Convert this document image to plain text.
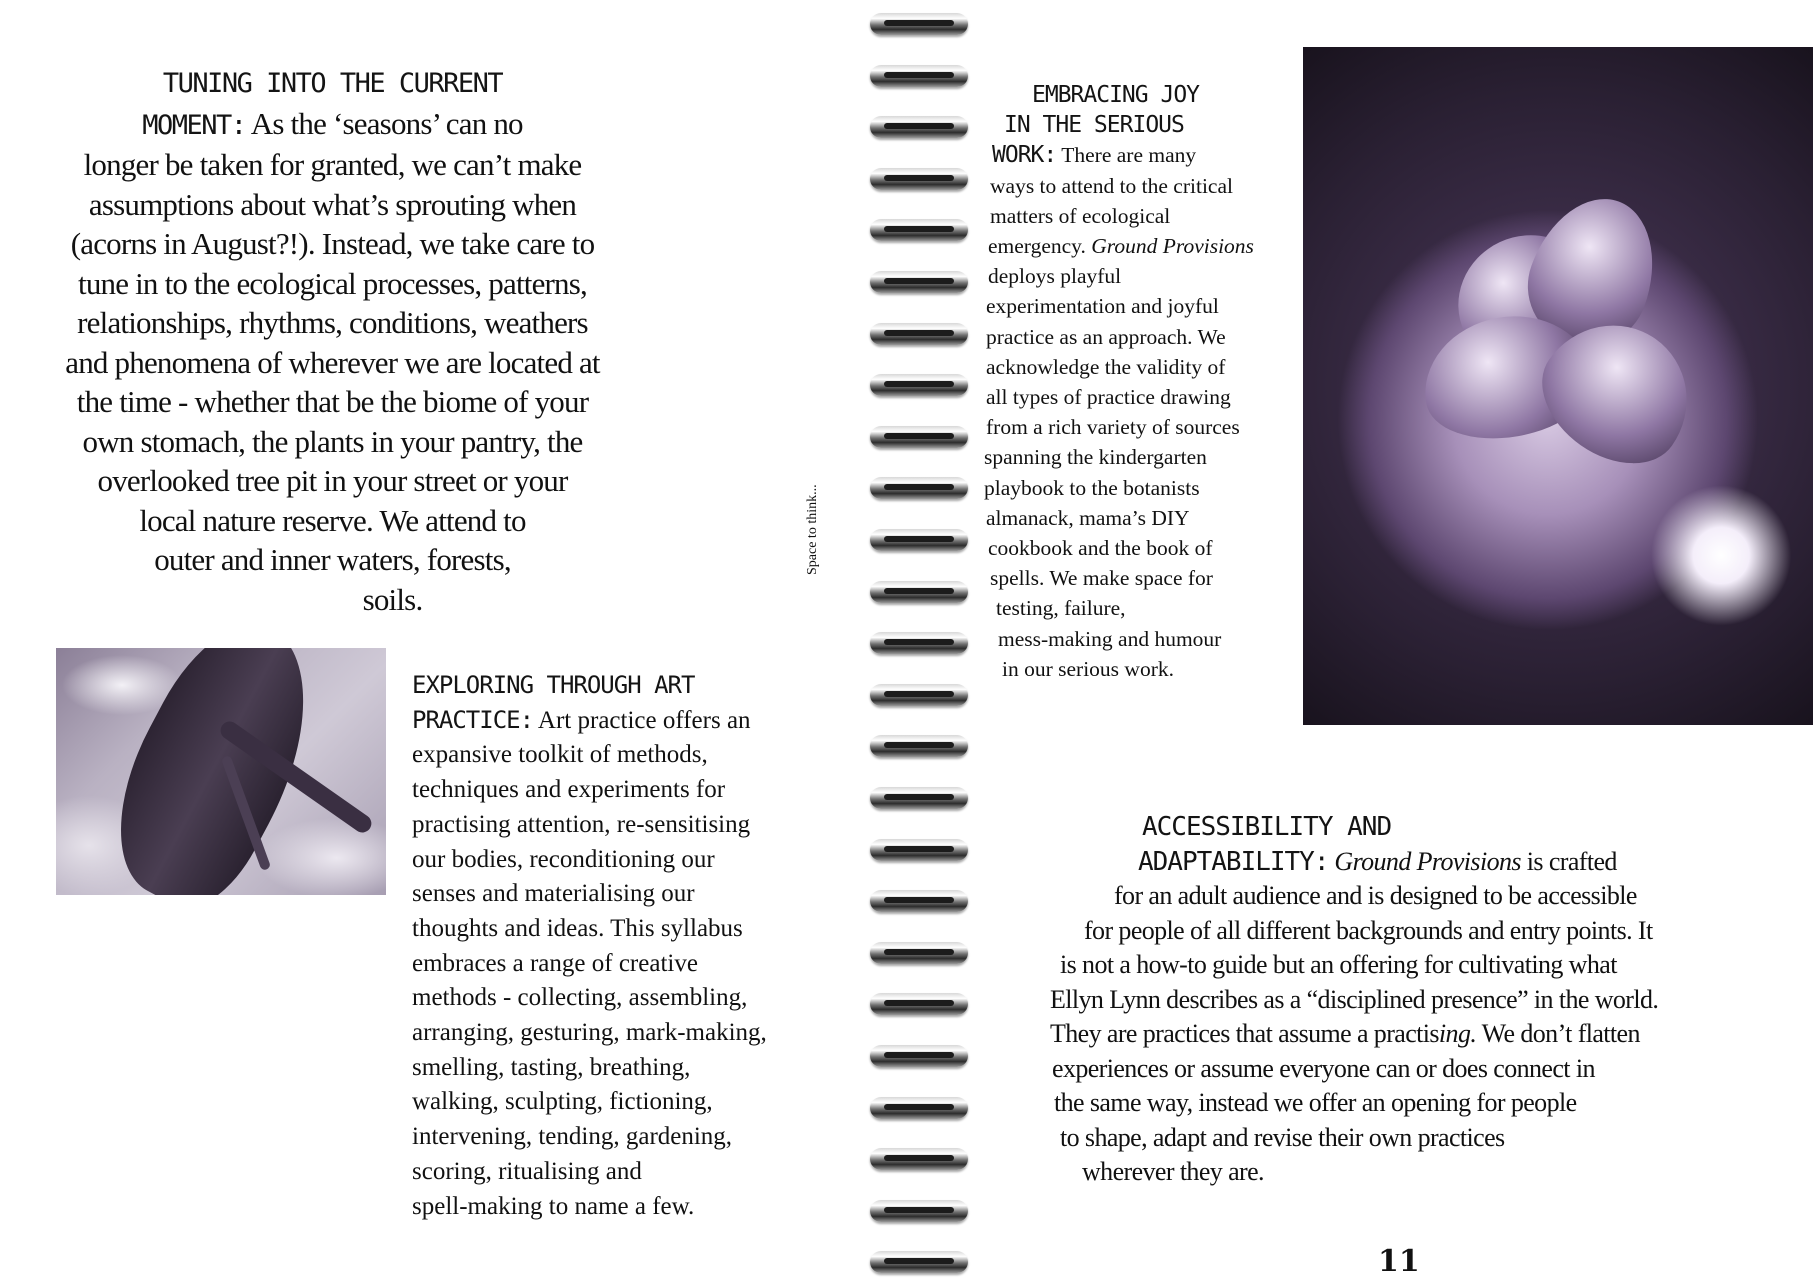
TUNING INTO THE CURRENT
MOMENT: As the ‘seasons’ can no
longer be taken for granted, we can’t make
assumptions about what’s sprouting when
(acorns in August?!). Instead, we take care to
tune in to the ecological processes, patterns,
relationships, rhythms, conditions, weathers
and phenomena of wherever we are located at
the time - whether that be the biome of your
own stomach, the plants in your pantry, the
overlooked tree pit in your street or your
local nature reserve. We attend to
outer and inner waters, forests,
soils.
EXPLORING THROUGH ART
PRACTICE: Art practice offers an
expansive toolkit of methods,
techniques and experiments for
practising attention, re-sensitising
our bodies, reconditioning our
senses and materialising our
thoughts and ideas. This syllabus
embraces a range of creative
methods - collecting, assembling,
arranging, gesturing, mark-making,
smelling, tasting, breathing,
walking, sculpting, fictioning,
intervening, tending, gardening,
scoring, ritualising and
spell-making to name a few.
Space to think...
EMBRACING JOY
IN THE SERIOUS
WORK: There are many
ways to attend to the critical
matters of ecological
emergency. Ground Provisions
deploys playful
experimentation and joyful
practice as an approach. We
acknowledge the validity of
all types of practice drawing
from a rich variety of sources
spanning the kindergarten
playbook to the botanists
almanack, mama’s DIY
cookbook and the book of
spells. We make space for
testing, failure,
mess-making and humour
in our serious work.
ACCESSIBILITY AND
ADAPTABILITY: Ground Provisions is crafted
for an adult audience and is designed to be accessible
for people of all different backgrounds and entry points. It
is not a how-to guide but an offering for cultivating what
Ellyn Lynn describes as a “disciplined presence” in the world.
They are practices that assume a practising. We don’t flatten
experiences or assume everyone can or does connect in
the same way, instead we offer an opening for people
to shape, adapt and revise their own practices
wherever they are.
11
